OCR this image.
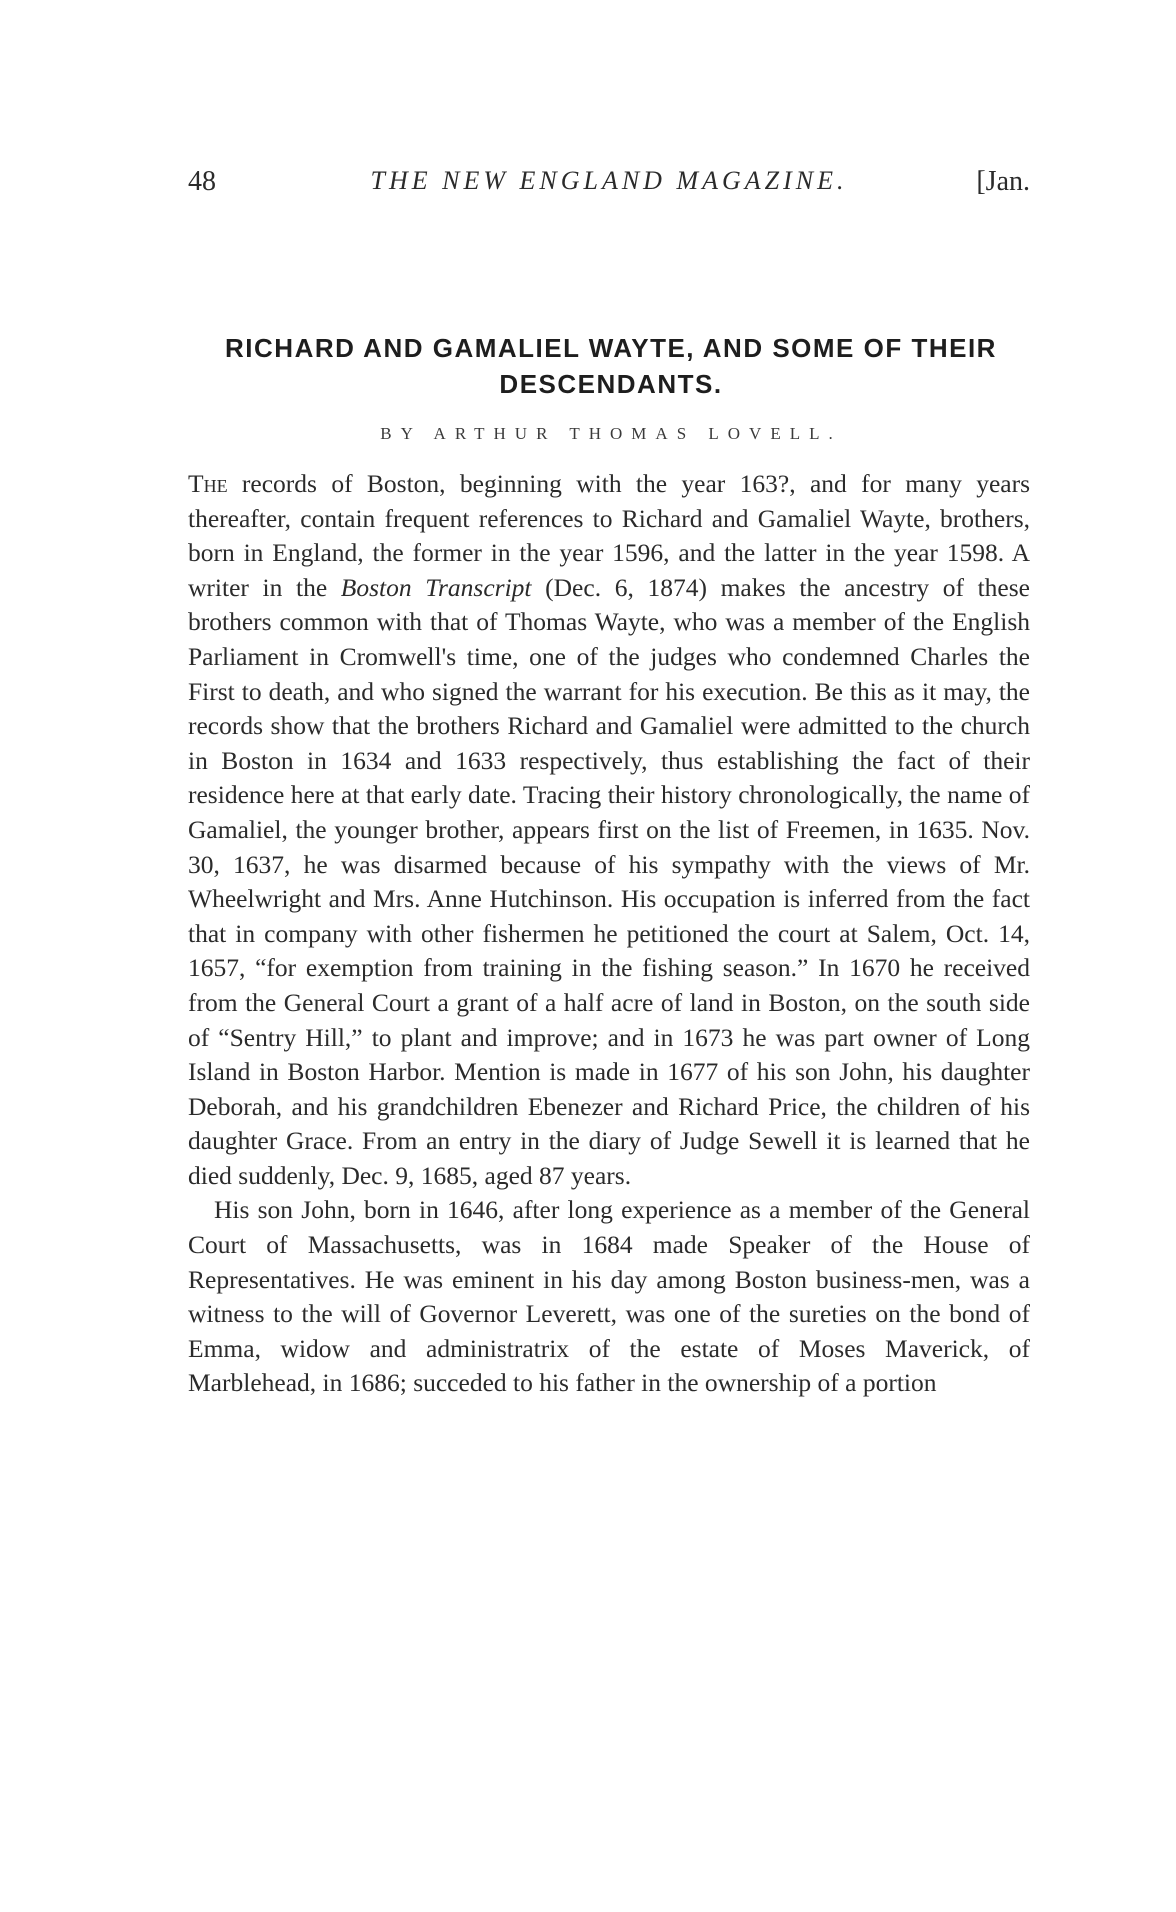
48	THE NEW ENGLAND MAGAZINE.	[Jan.
RICHARD AND GAMALIEL WAYTE, AND SOME OF THEIR DESCENDANTS.
BY ARTHUR THOMAS LOVELL.

The records of Boston, beginning with the year 163?, and for many years thereafter, contain frequent references to Richard and Gamaliel Wayte, brothers, born in England, the former in the year 1596, and the latter in the year 1598. A writer in the Boston Transcript (Dec. 6, 1874) makes the ancestry of these brothers common with that of Thomas Wayte, who was a member of the English Parliament in Cromwell's time, one of the judges who condemned Charles the First to death, and who signed the warrant for his execution. Be this as it may, the records show that the brothers Richard and Gamaliel were admitted to the church in Boston in 1634 and 1633 respectively, thus establishing the fact of their residence here at that early date. Tracing their history chronologically, the name of Gamaliel, the younger brother, appears first on the list of Freemen, in 1635. Nov. 30, 1637, he was disarmed because of his sympathy with the views of Mr. Wheelwright and Mrs. Anne Hutchinson. His occupation is inferred from the fact that in company with other fishermen he petitioned the court at Salem, Oct. 14, 1657, “for exemption from training in the fishing season.” In 1670 he received from the General Court a grant of a half acre of land in Boston, on the south side of “Sentry Hill,” to plant and improve; and in 1673 he was part owner of Long Island in Boston Harbor. Mention is made in 1677 of his son John, his daughter Deborah, and his grandchildren Ebenezer and Richard Price, the children of his daughter Grace. From an entry in the diary of Judge Sewell it is learned that he died suddenly, Dec. 9, 1685, aged 87 years.

His son John, born in 1646, after long experience as a member of the General Court of Massachusetts, was in 1684 made Speaker of the House of Representatives. He was eminent in his day among Boston business-men, was a witness to the will of Governor Leverett, was one of the sureties on the bond of Emma, widow and administratrix of the estate of Moses Maverick, of Marblehead, in 1686; succeded to his father in the ownership of a portion
